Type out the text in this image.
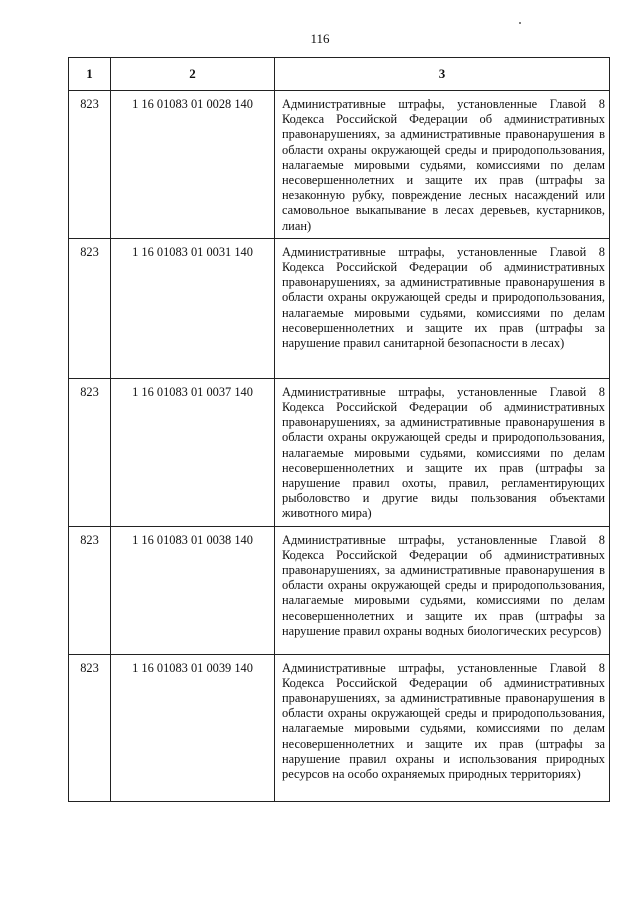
116
1	2	3
823	1 16 01083 01 0028 140	Административные штрафы, установленные Главой 8 Кодекса Российской Федерации об административных правонарушениях, за административные правонарушения в области охраны окружающей среды и природопользования, налагаемые мировыми судьями, комиссиями по делам несовершеннолетних и защите их прав (штрафы за незаконную рубку, повреждение лесных насаждений или самовольное выкапывание в лесах деревьев, кустарников, лиан)
823	1 16 01083 01 0031 140	Административные штрафы, установленные Главой 8 Кодекса Российской Федерации об административных правонарушениях, за административные правонарушения в области охраны окружающей среды и природопользования, налагаемые мировыми судьями, комиссиями по делам несовершеннолетних и защите их прав (штрафы за нарушение правил санитарной безопасности в лесах)
823	1 16 01083 01 0037 140	Административные штрафы, установленные Главой 8 Кодекса Российской Федерации об административных правонарушениях, за административные правонарушения в области охраны окружающей среды и природопользования, налагаемые мировыми судьями, комиссиями по делам несовершеннолетних и защите их прав (штрафы за нарушение правил охоты, правил, регламентирующих рыболовство и другие виды пользования объектами животного мира)
823	1 16 01083 01 0038 140	Административные штрафы, установленные Главой 8 Кодекса Российской Федерации об административных правонарушениях, за административные правонарушения в области охраны окружающей среды и природопользования, налагаемые мировыми судьями, комиссиями по делам несовершеннолетних и защите их прав (штрафы за нарушение правил охраны водных биологических ресурсов)
823	1 16 01083 01 0039 140	Административные штрафы, установленные Главой 8 Кодекса Российской Федерации об административных правонарушениях, за административные правонарушения в области охраны окружающей среды и природопользования, налагаемые мировыми судьями, комиссиями по делам несовершеннолетних и защите их прав (штрафы за нарушение правил охраны и использования природных ресурсов на особо охраняемых природных территориях)
